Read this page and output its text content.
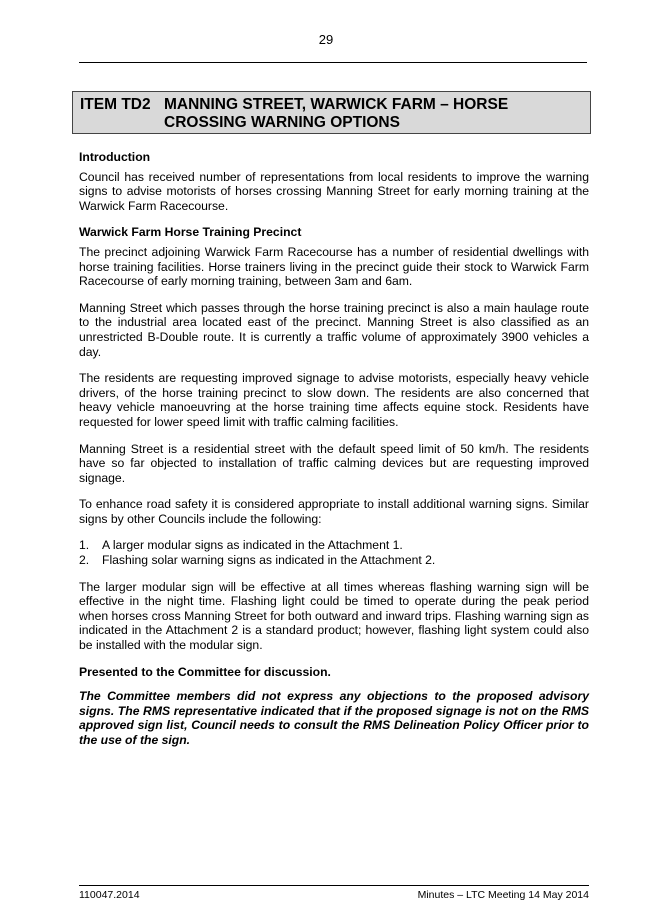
29
ITEM TD2 MANNING STREET, WARWICK FARM – HORSE CROSSING WARNING OPTIONS
Introduction

Council has received number of representations from local residents to improve the warning signs to advise motorists of horses crossing Manning Street for early morning training at the Warwick Farm Racecourse.

Warwick Farm Horse Training Precinct

The precinct adjoining Warwick Farm Racecourse has a number of residential dwellings with horse training facilities. Horse trainers living in the precinct guide their stock to Warwick Farm Racecourse of early morning training, between 3am and 6am.

Manning Street which passes through the horse training precinct is also a main haulage route to the industrial area located east of the precinct. Manning Street is also classified as an unrestricted B-Double route. It is currently a traffic volume of approximately 3900 vehicles a day.

The residents are requesting improved signage to advise motorists, especially heavy vehicle drivers, of the horse training precinct to slow down. The residents are also concerned that heavy vehicle manoeuvring at the horse training time affects equine stock. Residents have requested for lower speed limit with traffic calming facilities.

Manning Street is a residential street with the default speed limit of 50 km/h. The residents have so far objected to installation of traffic calming devices but are requesting improved signage.

To enhance road safety it is considered appropriate to install additional warning signs. Similar signs by other Councils include the following:

1.	A larger modular signs as indicated in the Attachment 1.
2.	Flashing solar warning signs as indicated in the Attachment 2.

The larger modular sign will be effective at all times whereas flashing warning sign will be effective in the night time. Flashing light could be timed to operate during the peak period when horses cross Manning Street for both outward and inward trips. Flashing warning sign as indicated in the Attachment 2 is a standard product; however, flashing light system could also be installed with the modular sign.

Presented to the Committee for discussion.

The Committee members did not express any objections to the proposed advisory signs. The RMS representative indicated that if the proposed signage is not on the RMS approved sign list, Council needs to consult the RMS Delineation Policy Officer prior to the use of the sign.

110047.2014	Minutes – LTC Meeting 14 May 2014
